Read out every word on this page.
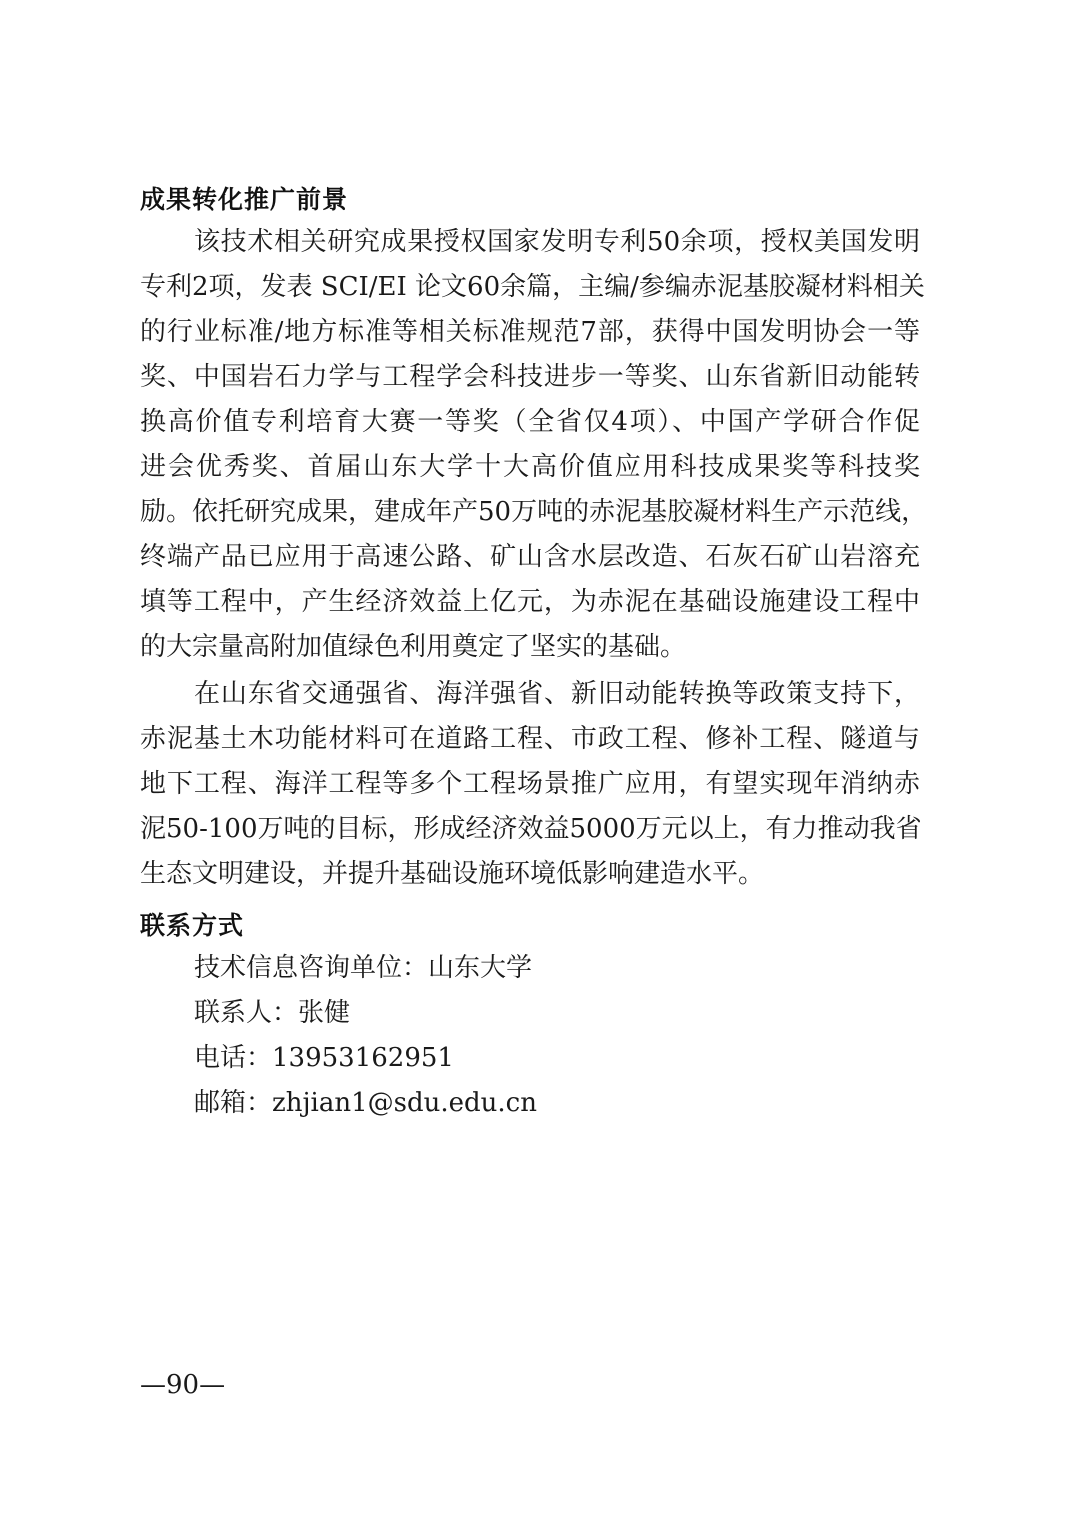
成果转化推广前景
该技术相关研究成果授权国家发明专利50余项，授权美国发明
专利2项，发表 SCI/EI 论文60余篇，主编/参编赤泥基胶凝材料相关
的行业标准/地方标准等相关标准规范7部，获得中国发明协会一等
奖、中国岩石力学与工程学会科技进步一等奖、山东省新旧动能转
换高价值专利培育大赛一等奖（全省仅4项）、中国产学研合作促
进会优秀奖、首届山东大学十大高价值应用科技成果奖等科技奖
励。依托研究成果，建成年产50万吨的赤泥基胶凝材料生产示范线，
终端产品已应用于高速公路、矿山含水层改造、石灰石矿山岩溶充
填等工程中，产生经济效益上亿元，为赤泥在基础设施建设工程中
的大宗量高附加值绿色利用奠定了坚实的基础。
在山东省交通强省、海洋强省、新旧动能转换等政策支持下，
赤泥基土木功能材料可在道路工程、市政工程、修补工程、隧道与
地下工程、海洋工程等多个工程场景推广应用，有望实现年消纳赤
泥50-100万吨的目标，形成经济效益5000万元以上，有力推动我省
生态文明建设，并提升基础设施环境低影响建造水平。
联系方式
技术信息咨询单位：山东大学
联系人：张健
电话：13953162951
邮箱：zhjian1@sdu.edu.cn
—90—
